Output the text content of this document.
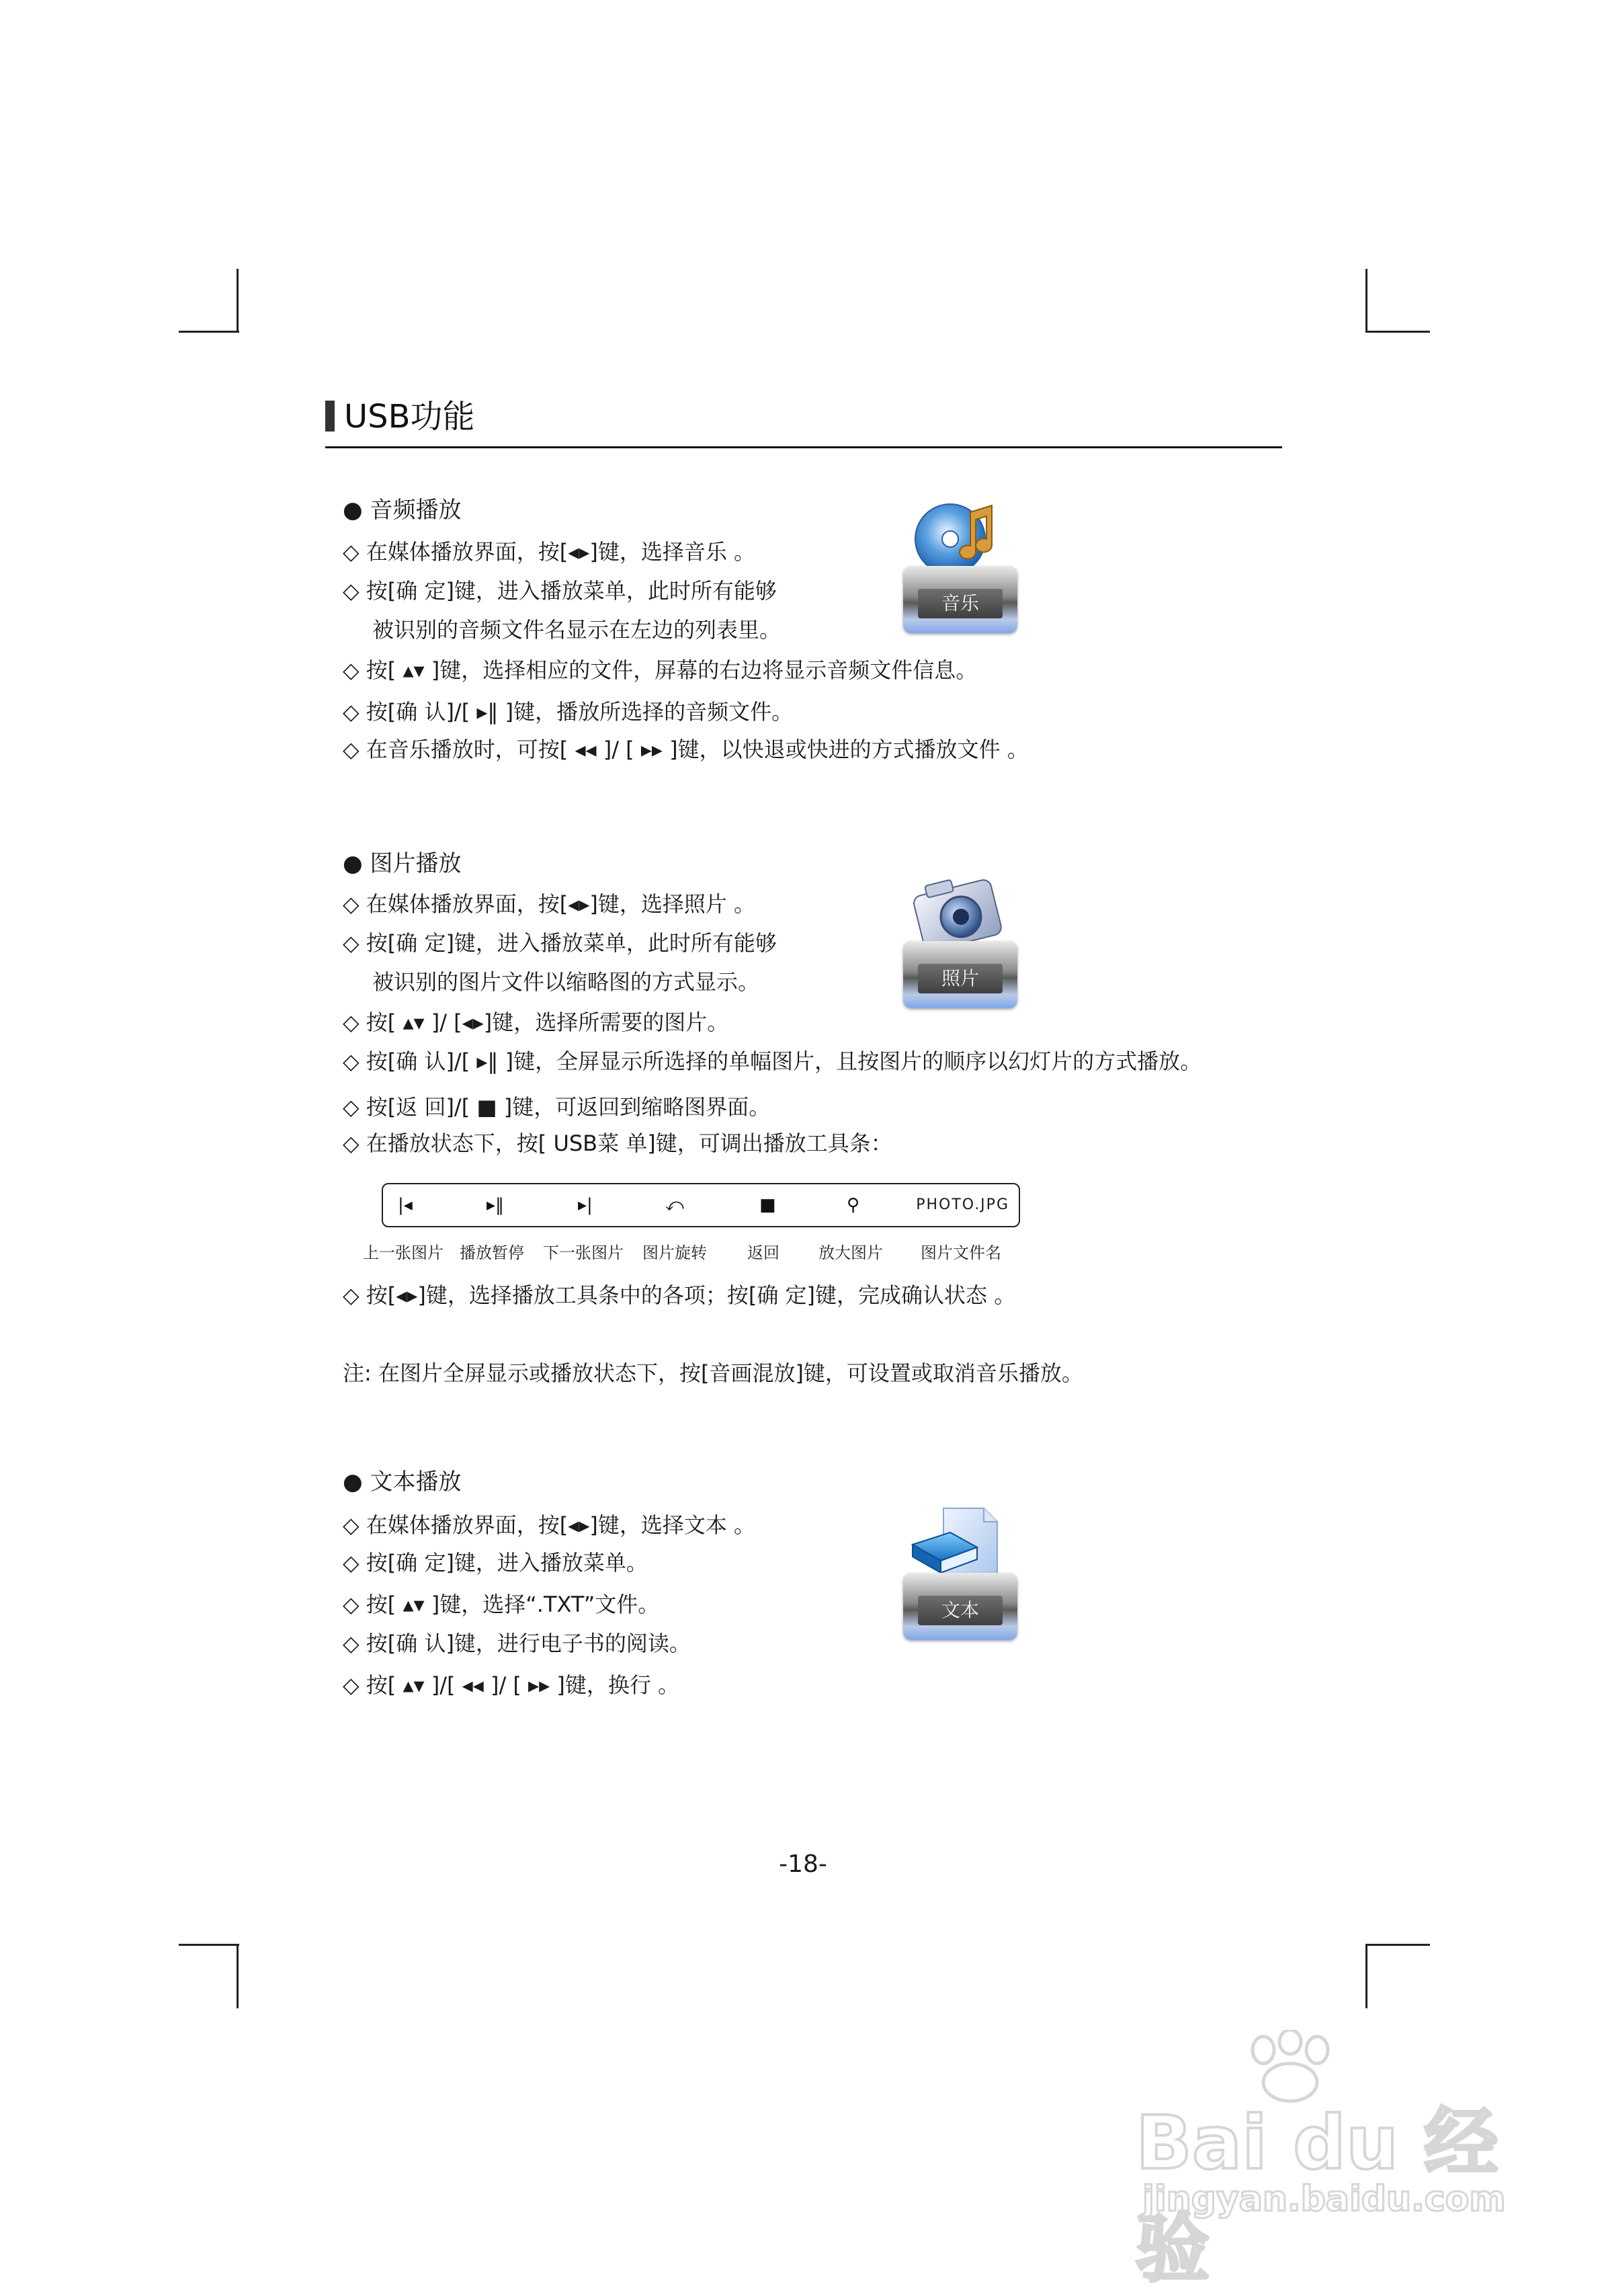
USB功能
● 音频播放
◇ 在媒体播放界面，按[◂▸]键，选择音乐 。
◇ 按[确 定]键，进入播放菜单，此时所有能够
被识别的音频文件名显示在左边的列表里。
◇ 按[ ▴▾ ]键，选择相应的文件，屏幕的右边将显示音频文件信息。
◇ 按[确 认]/[ ▸‖ ]键，播放所选择的音频文件。
◇ 在音乐播放时，可按[ ◂◂ ]/ [ ▸▸ ]键，以快退或快进的方式播放文件 。
音乐
● 图片播放
◇ 在媒体播放界面，按[◂▸]键，选择照片 。
◇ 按[确 定]键，进入播放菜单，此时所有能够
被识别的图片文件以缩略图的方式显示。
◇ 按[ ▴▾ ]/ [◂▸]键，选择所需要的图片。
◇ 按[确 认]/[ ▸‖ ]键，全屏显示所选择的单幅图片，且按图片的顺序以幻灯片的方式播放。
◇ 按[返 回]/[ ■ ]键，可返回到缩略图界面。
◇ 在播放状态下，按[ USB菜 单]键，可调出播放工具条：
照片
|◂	▸‖	▸|	⤺	■	⚲	PHOTO.JPG
上一张图片 播放暂停 下一张图片 图片旋转	返回 放大图片 图片文件名
◇ 按[◂▸]键，选择播放工具条中的各项；按[确 定]键，完成确认状态 。
注: 在图片全屏显示或播放状态下，按[音画混放]键，可设置或取消音乐播放。
● 文本播放
◇ 在媒体播放界面，按[◂▸]键，选择文本 。
◇ 按[确 定]键，进入播放菜单。
◇ 按[ ▴▾ ]键，选择“.TXT”文件。
◇ 按[确 认]键，进行电子书的阅读。
◇ 按[ ▴▾ ]/[ ◂◂ ]/ [ ▸▸ ]键，换行 。
文本
-18-
Bai du 经验
jingyan.baidu.com
